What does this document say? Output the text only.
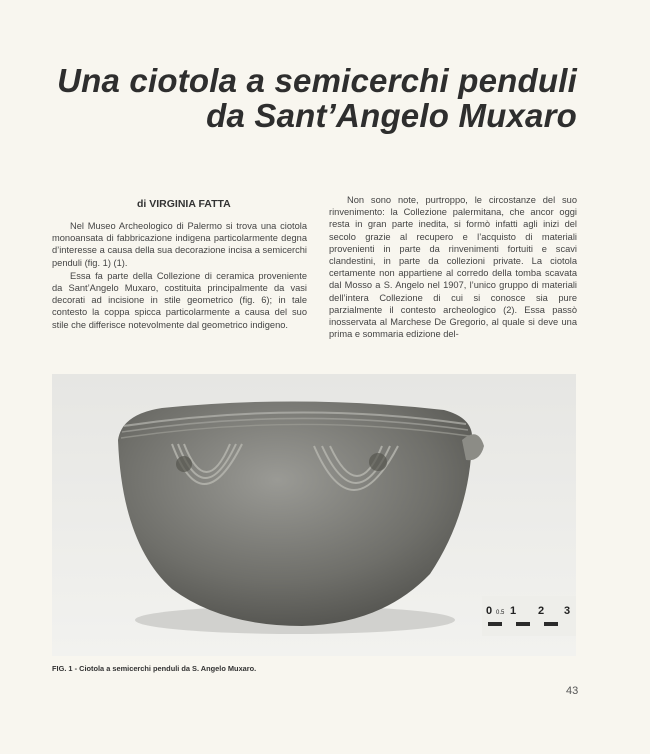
Una ciotola a semicerchi penduli
da Sant’Angelo Muxaro
di VIRGINIA FATTA

Nel Museo Archeologico di Palermo si trova una ciotola monoansata di fabbricazione indigena particolarmente degna d’interesse a causa della sua decorazione incisa a semicerchi penduli (fig. 1) (1).

Essa fa parte della Collezione di ceramica proveniente da Sant’Angelo Muxaro, costituita principalmente da vasi decorati ad incisione in stile geometrico (fig. 6); in tale contesto la coppa spicca particolarmente a causa del suo stile che differisce notevolmente dal geometrico indigeno.

Non sono note, purtroppo, le circostanze del suo rinvenimento: la Collezione palermitana, che ancor oggi resta in gran parte inedita, si formò infatti agli inizi del secolo grazie al recupero e l’acquisto di materiali provenienti in parte da rinvenimenti fortuiti e scavi clandestini, in parte da collezioni private. La ciotola certamente non appartiene al corredo della tomba scavata dal Mosso a S. Angelo nel 1907, l’unico gruppo di materiali dell’intera Collezione di cui si conosce sia pure parzialmente il contesto archeologico (2). Essa passò inosservata al Marchese De Gregorio, al quale si deve una prima e sommaria edizione del-

0 0.5 1 2 3
FIG. 1 - Ciotola a semicerchi penduli da S. Angelo Muxaro.
43
